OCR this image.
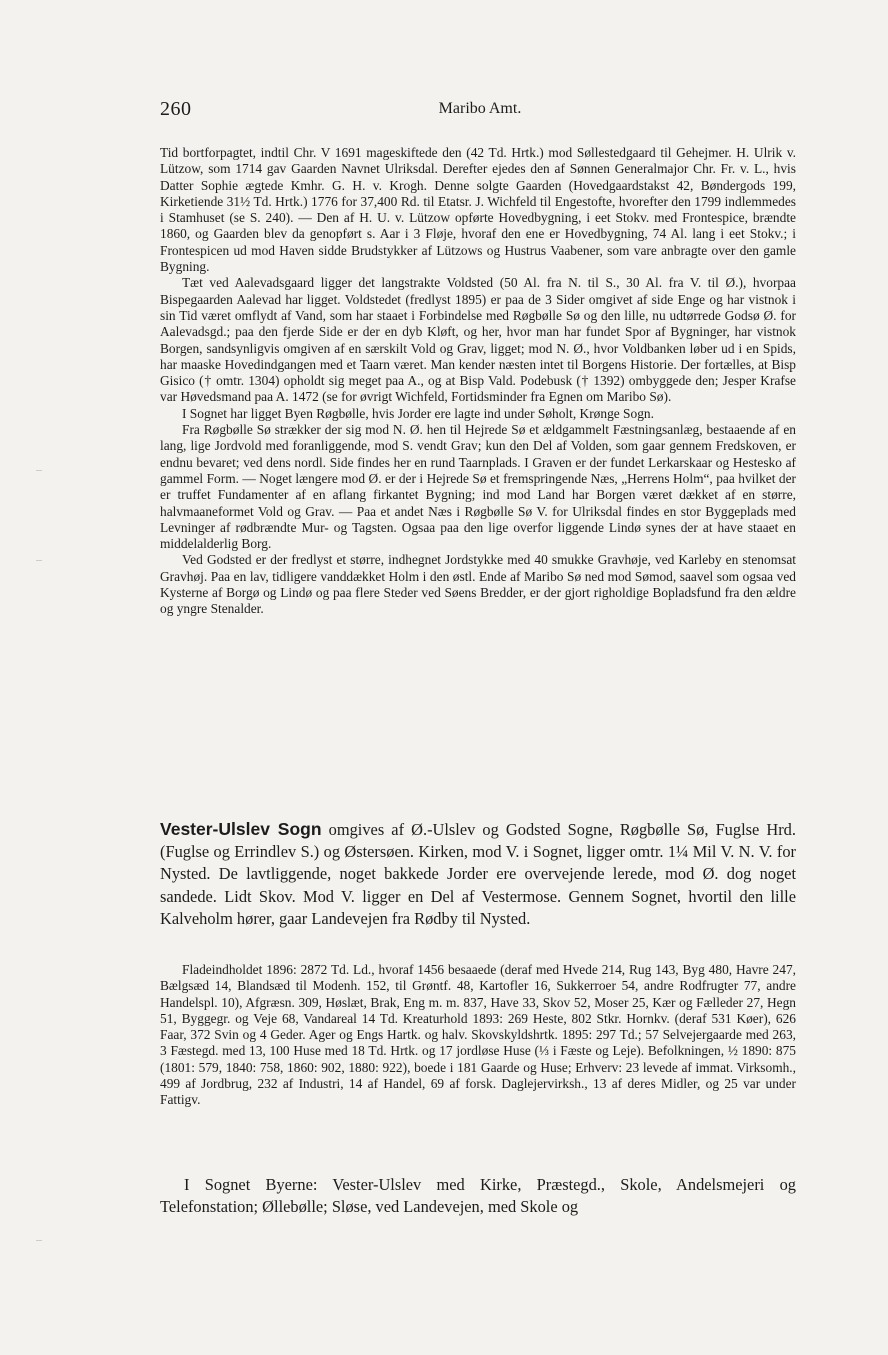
260	Maribo Amt.

Tid bortforpagtet, indtil Chr. V 1691 mageskiftede den (42 Td. Hrtk.) mod Søllestedgaard til Gehejmer. H. Ulrik v. Lützow, som 1714 gav Gaarden Navnet Ulriksdal. Derefter ejedes den af Sønnen Generalmajor Chr. Fr. v. L., hvis Datter Sophie ægtede Kmhr. G. H. v. Krogh. Denne solgte Gaarden (Hovedgaardstakst 42, Bøndergods 199, Kirketiende 31½ Td. Hrtk.) 1776 for 37,400 Rd. til Etatsr. J. Wichfeld til Engestofte, hvorefter den 1799 indlemmedes i Stamhuset (se S. 240). — Den af H. U. v. Lützow opførte Hovedbygning, i eet Stokv. med Frontespice, brændte 1860, og Gaarden blev da genopført s. Aar i 3 Fløje, hvoraf den ene er Hovedbygning, 74 Al. lang i eet Stokv.; i Frontespicen ud mod Haven sidde Brudstykker af Lützows og Hustrus Vaabener, som vare anbragte over den gamle Bygning.

Tæt ved Aalevadsgaard ligger det langstrakte Voldsted (50 Al. fra N. til S., 30 Al. fra V. til Ø.), hvorpaa Bispegaarden Aalevad har ligget. Voldstedet (fredlyst 1895) er paa de 3 Sider omgivet af side Enge og har vistnok i sin Tid været omflydt af Vand, som har staaet i Forbindelse med Røgbølle Sø og den lille, nu udtørrede Godsø Ø. for Aalevadsgd.; paa den fjerde Side er der en dyb Kløft, og her, hvor man har fundet Spor af Bygninger, har vistnok Borgen, sandsynligvis omgiven af en særskilt Vold og Grav, ligget; mod N. Ø., hvor Voldbanken løber ud i en Spids, har maaske Hovedindgangen med et Taarn været. Man kender næsten intet til Borgens Historie. Der fortælles, at Bisp Gisico († omtr. 1304) opholdt sig meget paa A., og at Bisp Vald. Podebusk († 1392) ombyggede den; Jesper Krafse var Høvedsmand paa A. 1472 (se for øvrigt Wichfeld, Fortidsminder fra Egnen om Maribo Sø).

I Sognet har ligget Byen Røgbølle, hvis Jorder ere lagte ind under Søholt, Krønge Sogn.

Fra Røgbølle Sø strækker der sig mod N. Ø. hen til Hejrede Sø et ældgammelt Fæstningsanlæg, bestaaende af en lang, lige Jordvold med foranliggende, mod S. vendt Grav; kun den Del af Volden, som gaar gennem Fredskoven, er endnu bevaret; ved dens nordl. Side findes her en rund Taarnplads. I Graven er der fundet Lerkarskaar og Hestesko af gammel Form. — Noget længere mod Ø. er der i Hejrede Sø et fremspringende Næs, „Herrens Holm“, paa hvilket der er truffet Fundamenter af en aflang firkantet Bygning; ind mod Land har Borgen været dækket af en større, halvmaaneformet Vold og Grav. — Paa et andet Næs i Røgbølle Sø V. for Ulriksdal findes en stor Byggeplads med Levninger af rødbrændte Mur- og Tagsten. Ogsaa paa den lige overfor liggende Lindø synes der at have staaet en middelalderlig Borg.

Ved Godsted er der fredlyst et større, indhegnet Jordstykke med 40 smukke Gravhøje, ved Karleby en stenomsat Gravhøj. Paa en lav, tidligere vanddækket Holm i den østl. Ende af Maribo Sø ned mod Sømod, saavel som ogsaa ved Kysterne af Borgø og Lindø og paa flere Steder ved Søens Bredder, er der gjort righoldige Bopladsfund fra den ældre og yngre Stenalder.

Vester-Ulslev Sogn omgives af Ø.-Ulslev og Godsted Sogne, Røgbølle Sø, Fuglse Hrd. (Fuglse og Errindlev S.) og Østersøen. Kirken, mod V. i Sognet, ligger omtr. 1¼ Mil V. N. V. for Nysted. De lavtliggende, noget bakkede Jorder ere overvejende lerede, mod Ø. dog noget sandede. Lidt Skov. Mod V. ligger en Del af Vestermose. Gennem Sognet, hvortil den lille Kalveholm hører, gaar Landevejen fra Rødby til Nysted.

Fladeindholdet 1896: 2872 Td. Ld., hvoraf 1456 besaaede (deraf med Hvede 214, Rug 143, Byg 480, Havre 247, Bælgsæd 14, Blandsæd til Modenh. 152, til Grøntf. 48, Kartofler 16, Sukkerroer 54, andre Rodfrugter 77, andre Handelspl. 10), Afgræsn. 309, Høslæt, Brak, Eng m. m. 837, Have 33, Skov 52, Moser 25, Kær og Fælleder 27, Hegn 51, Byggegr. og Veje 68, Vandareal 14 Td. Kreaturhold 1893: 269 Heste, 802 Stkr. Hornkv. (deraf 531 Køer), 626 Faar, 372 Svin og 4 Geder. Ager og Engs Hartk. og halv. Skovskyldshrtk. 1895: 297 Td.; 57 Selvejergaarde med 263, 3 Fæstegd. med 13, 100 Huse med 18 Td. Hrtk. og 17 jordløse Huse (⅓ i Fæste og Leje). Befolkningen, ½ 1890: 875 (1801: 579, 1840: 758, 1860: 902, 1880: 922), boede i 181 Gaarde og Huse; Erhverv: 23 levede af immat. Virksomh., 499 af Jordbrug, 232 af Industri, 14 af Handel, 69 af forsk. Daglejervirksh., 13 af deres Midler, og 25 var under Fattigv.

I Sognet Byerne: Vester-Ulslev med Kirke, Præstegd., Skole, Andelsmejeri og Telefonstation; Øllebølle; Sløse, ved Landevejen, med Skole og
